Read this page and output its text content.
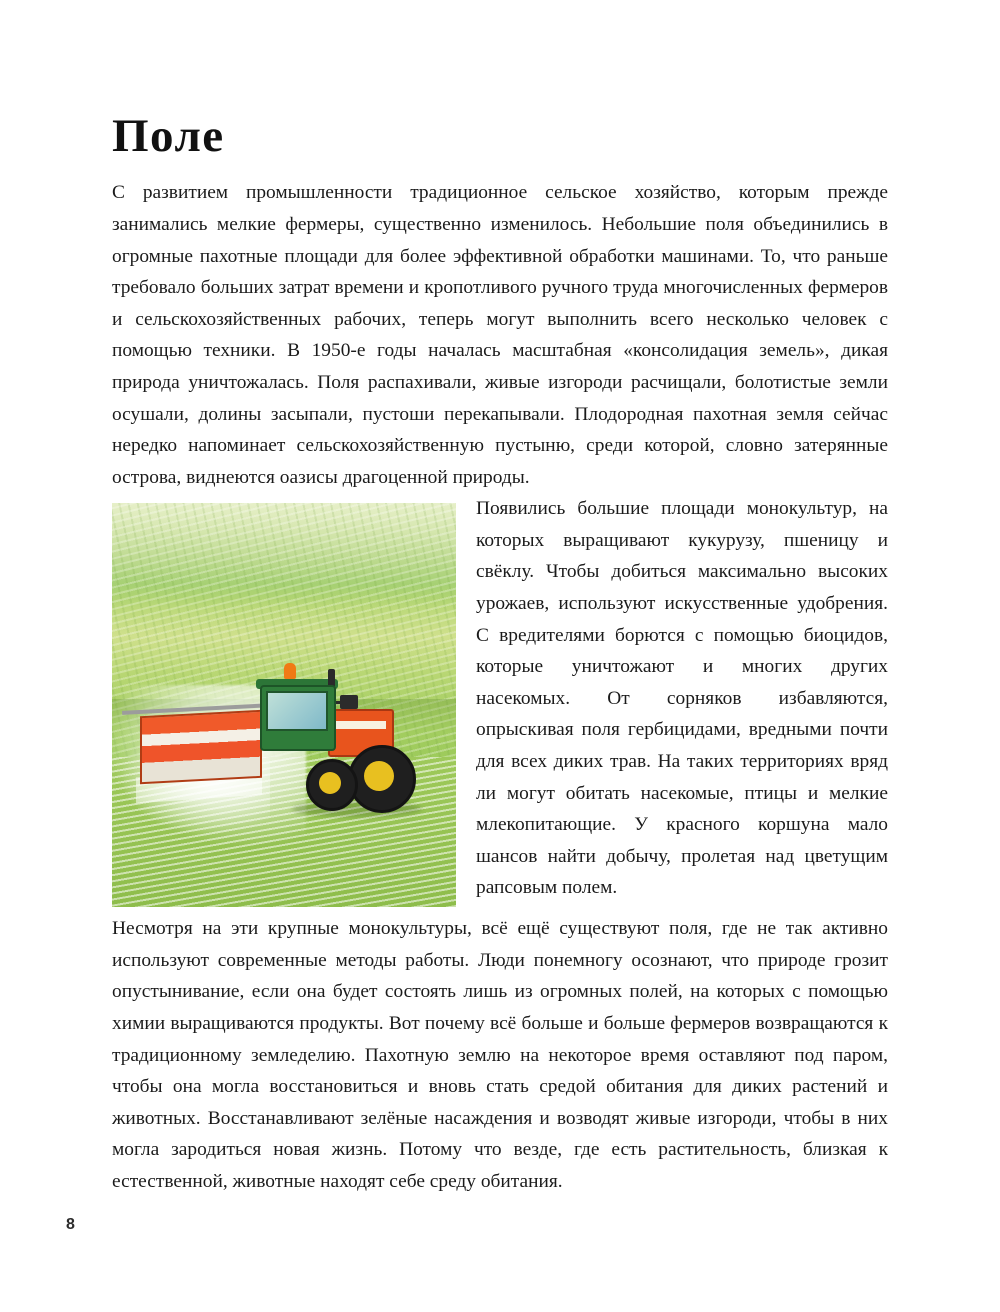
Поле

С развитием промышленности традиционное сельское хозяйство, которым прежде занимались мелкие фермеры, существенно изменилось. Небольшие поля объединились в огромные пахотные площади для более эффективной обработки машинами. То, что раньше требовало больших затрат времени и кропотливого ручного труда многочисленных фермеров и сельскохозяйственных рабочих, теперь могут выполнить всего несколько человек с помощью техники. В 1950-е годы началась масштабная «консолидация земель», дикая природа уничтожалась. Поля распахивали, живые изгороди расчищали, болотистые земли осушали, долины засыпали, пустоши перекапывали. Плодородная пахотная земля сейчас нередко напоминает сельскохозяйственную пустыню, среди которой, словно затерянные острова, виднеются оазисы драгоценной природы.

Появились большие площади монокультур, на которых выращивают кукурузу, пшеницу и свёклу. Чтобы добиться максимально высоких урожаев, используют искусственные удобрения. С вредителями борются с помощью биоцидов, которые уничтожают и многих других насекомых. От сорняков избавляются, опрыскивая поля гербицидами, вредными почти для всех диких трав. На таких территориях вряд ли могут обитать насекомые, птицы и мелкие млекопитающие. У красного коршуна мало шансов найти добычу, пролетая над цветущим рапсовым полем.

Несмотря на эти крупные монокультуры, всё ещё существуют поля, где не так активно используют современные методы работы. Люди понемногу осознают, что природе грозит опустынивание, если она будет состоять лишь из огромных полей, на которых с помощью химии выращиваются продукты. Вот почему всё больше и больше фермеров возвращаются к традиционному земледелию. Пахотную землю на некоторое время оставляют под паром, чтобы она могла восстановиться и вновь стать средой обитания для диких растений и животных. Восстанавливают зелёные насаждения и возводят живые изгороди, чтобы в них могла зародиться новая жизнь. Потому что везде, где есть растительность, близкая к естественной, животные находят себе среду обитания.

8
